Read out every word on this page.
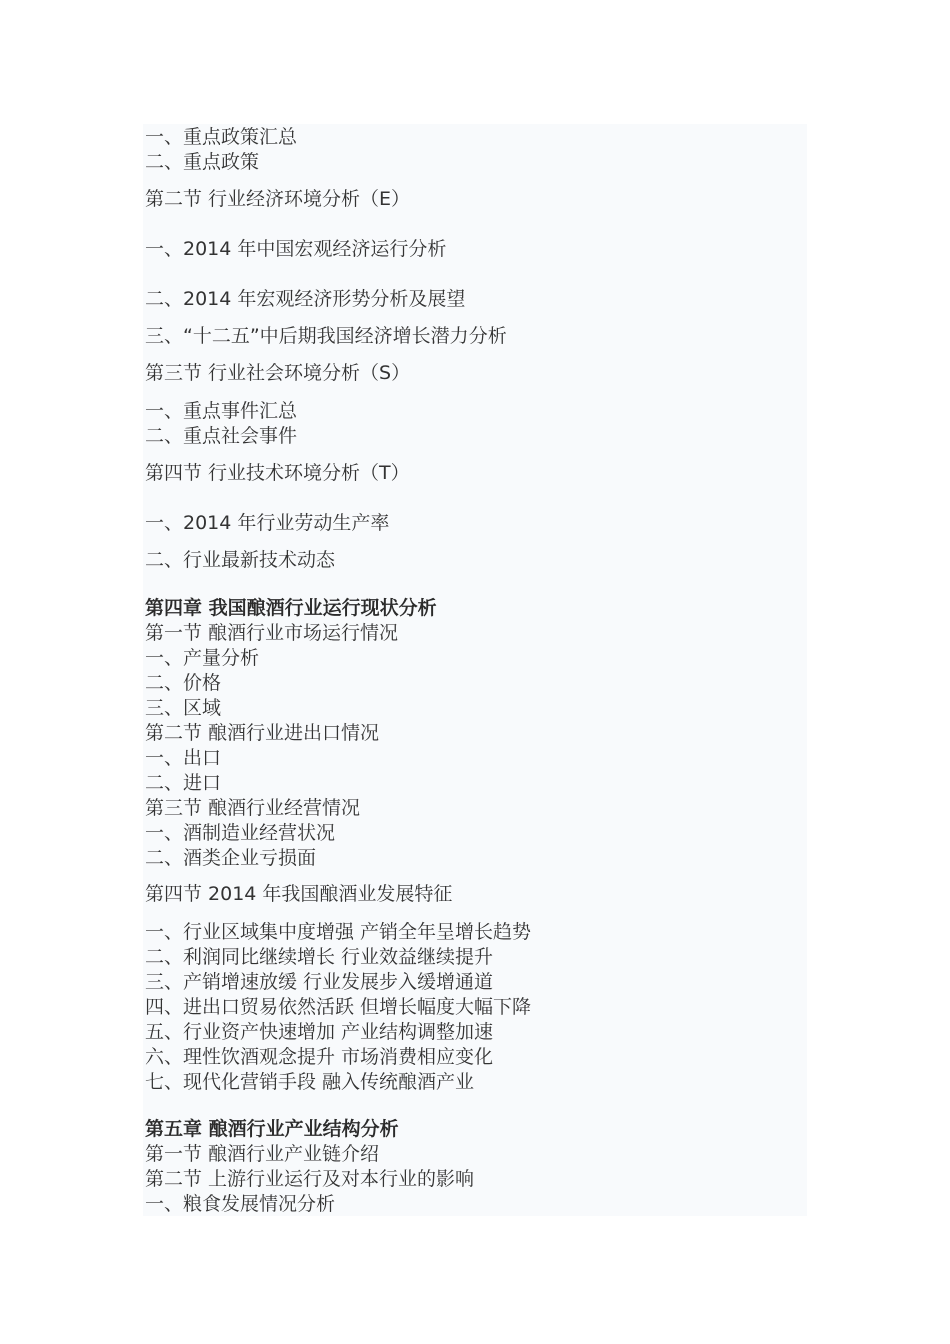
一、重点政策汇总
二、重点政策
第二节 行业经济环境分析（E）
一、2014 年中国宏观经济运行分析
二、2014 年宏观经济形势分析及展望
三、“十二五”中后期我国经济增长潜力分析
第三节 行业社会环境分析（S）
一、重点事件汇总
二、重点社会事件
第四节 行业技术环境分析（T）
一、2014 年行业劳动生产率
二、行业最新技术动态
第四章 我国酿酒行业运行现状分析
第一节 酿酒行业市场运行情况
一、产量分析
二、价格
三、区域
第二节 酿酒行业进出口情况
一、出口
二、进口
第三节 酿酒行业经营情况
一、酒制造业经营状况
二、酒类企业亏损面
第四节 2014 年我国酿酒业发展特征
一、行业区域集中度增强 产销全年呈增长趋势
二、利润同比继续增长 行业效益继续提升
三、产销增速放缓 行业发展步入缓增通道
四、进出口贸易依然活跃 但增长幅度大幅下降
五、行业资产快速增加 产业结构调整加速
六、理性饮酒观念提升 市场消费相应变化
七、现代化营销手段 融入传统酿酒产业
第五章 酿酒行业产业结构分析
第一节 酿酒行业产业链介绍
第二节 上游行业运行及对本行业的影响
一、粮食发展情况分析
